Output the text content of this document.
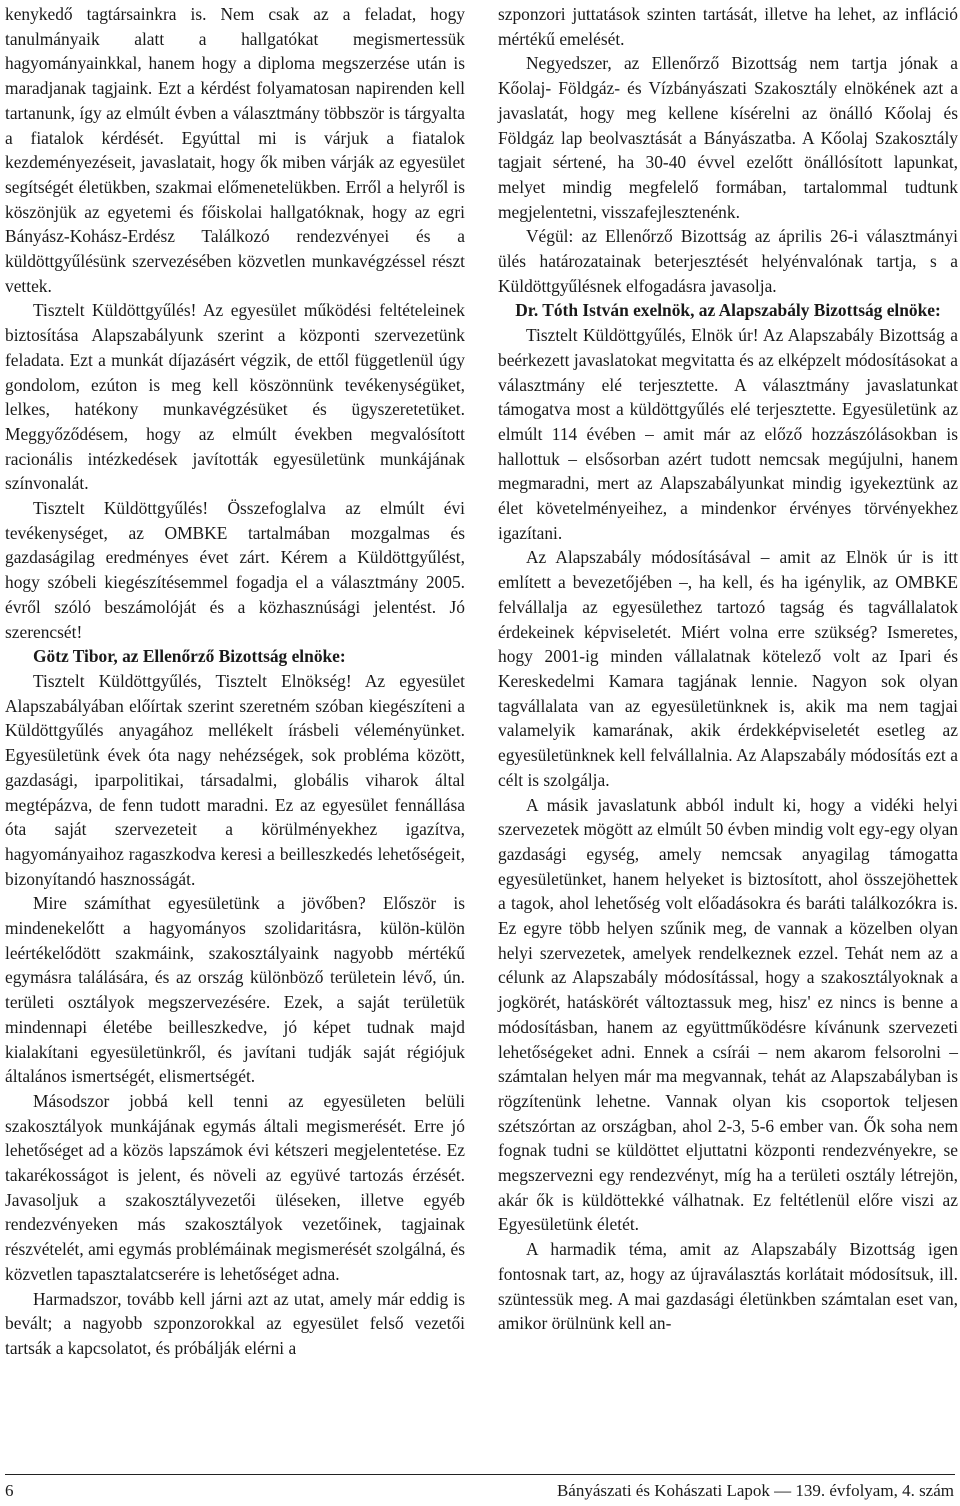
kenykedő tagtársainkra is. Nem csak az a feladat, hogy tanulmányaik alatt a hallgatókat megismertessük hagyományainkkal, hanem hogy a diploma megszerzése után is maradjanak tagjaink. Ezt a kérdést folyamatosan napirenden kell tartanunk, így az elmúlt évben a választmány többször is tárgyalta a fiatalok kérdését. Egyúttal mi is várjuk a fiatalok kezdeményezéseit, javaslatait, hogy ők miben várják az egyesület segítségét életükben, szakmai előmenetelükben. Erről a helyről is köszönjük az egyetemi és főiskolai hallgatóknak, hogy az egri Bányász-Kohász-Erdész Találkozó rendezvényei és a küldöttgyűlésünk szervezésében közvetlen munkavégzéssel részt vettek.

Tisztelt Küldöttgyűlés! Az egyesület működési feltételeinek biztosítása Alapszabályunk szerint a központi szervezetünk feladata. Ezt a munkát díjazásért végzik, de ettől függetlenül úgy gondolom, ezúton is meg kell köszönnünk tevékenységüket, lelkes, hatékony munkavégzésüket és ügyszeretetüket. Meggyőződésem, hogy az elmúlt években megvalósított racionális intézkedések javították egyesületünk munkájának színvonalát.

Tisztelt Küldöttgyűlés! Összefoglalva az elmúlt évi tevékenységet, az OMBKE tartalmában mozgalmas és gazdaságilag eredményes évet zárt. Kérem a Küldöttgyűlést, hogy szóbeli kiegészítésemmel fogadja el a választmány 2005. évről szóló beszámolóját és a közhasznúsági jelentést. Jó szerencsét!

Götz Tibor, az Ellenőrző Bizottság elnöke:

Tisztelt Küldöttgyűlés, Tisztelt Elnökség! Az egyesület Alapszabályában előírtak szerint szeretném szóban kiegészíteni a Küldöttgyűlés anyagához mellékelt írásbeli véleményünket. Egyesületünk évek óta nagy nehézségek, sok probléma között, gazdasági, iparpolitikai, társadalmi, globális viharok által megtépázva, de fenn tudott maradni. Ez az egyesület fennállása óta saját szervezeteit a körülményekhez igazítva, hagyományaihoz ragaszkodva keresi a beilleszkedés lehetőségeit, bizonyítandó hasznosságát.

Mire számíthat egyesületünk a jövőben? Először is mindenekelőtt a hagyományos szolidaritásra, külön-külön leértékelődött szakmáink, szakosztályaink nagyobb mértékű egymásra találására, és az ország különböző területein lévő, ún. területi osztályok megszervezésére. Ezek, a saját területük mindennapi életébe beilleszkedve, jó képet tudnak majd kialakítani egyesületünkről, és javítani tudják saját régiójuk általános ismertségét, elismertségét.

Másodszor jobbá kell tenni az egyesületen belüli szakosztályok munkájának egymás általi megismerését. Erre jó lehetőséget ad a közös lapszámok évi kétszeri megjelentetése. Ez takarékosságot is jelent, és növeli az együvé tartozás érzését. Javasoljuk a szakosztályvezetői üléseken, illetve egyéb rendezvényeken más szakosztályok vezetőinek, tagjainak részvételét, ami egymás problémáinak megismerését szolgálná, és közvetlen tapasztalatcserére is lehetőséget adna.

Harmadszor, tovább kell járni azt az utat, amely már eddig is bevált; a nagyobb szponzorokkal az egyesület felső vezetői tartsák a kapcsolatot, és próbálják elérni a

szponzori juttatások szinten tartását, illetve ha lehet, az infláció mértékű emelését.

Negyedszer, az Ellenőrző Bizottság nem tartja jónak a Kőolaj- Földgáz- és Vízbányászati Szakosztály elnökének azt a javaslatát, hogy meg kellene kísérelni az önálló Kőolaj és Földgáz lap beolvasztását a Bányászatba. A Kőolaj Szakosztály tagjait sértené, ha 30-40 évvel ezelőtt önállósított lapunkat, melyet mindig megfelelő formában, tartalommal tudtunk megjelentetni, visszafejlesztenénk.

Végül: az Ellenőrző Bizottság az április 26-i választmányi ülés határozatainak beterjesztését helyénvalónak tartja, s a Küldöttgyűlésnek elfogadásra javasolja.

Dr. Tóth István exelnök, az Alapszabály Bizottság elnöke:

Tisztelt Küldöttgyűlés, Elnök úr! Az Alapszabály Bizottság a beérkezett javaslatokat megvitatta és az elképzelt módosításokat a választmány elé terjesztette. A választmány javaslatunkat támogatva most a küldöttgyűlés elé terjesztette. Egyesületünk az elmúlt 114 évében – amit már az előző hozzászólásokban is hallottuk – elsősorban azért tudott nemcsak megújulni, hanem megmaradni, mert az Alapszabályunkat mindig igyekeztünk az élet követelményeihez, a mindenkor érvényes törvényekhez igazítani.

Az Alapszabály módosításával – amit az Elnök úr is itt említett a bevezetőjében –, ha kell, és ha igénylik, az OMBKE felvállalja az egyesülethez tartozó tagság és tagvállalatok érdekeinek képviseletét. Miért volna erre szükség? Ismeretes, hogy 2001-ig minden vállalatnak kötelező volt az Ipari és Kereskedelmi Kamara tagjának lennie. Nagyon sok olyan tagvállalata van az egyesületünknek is, akik ma nem tagjai valamelyik kamarának, akik érdekképviseletét esetleg az egyesületünknek kell felvállalnia. Az Alapszabály módosítás ezt a célt is szolgálja.

A másik javaslatunk abból indult ki, hogy a vidéki helyi szervezetek mögött az elmúlt 50 évben mindig volt egy-egy olyan gazdasági egység, amely nemcsak anyagilag támogatta egyesületünket, hanem helyeket is biztosított, ahol összejöhettek a tagok, ahol lehetőség volt előadásokra és baráti találkozókra is. Ez egyre több helyen szűnik meg, de vannak a közelben olyan helyi szervezetek, amelyek rendelkeznek ezzel. Tehát nem az a célunk az Alapszabály módosítással, hogy a szakosztályoknak a jogkörét, hatáskörét változtassuk meg, hisz' ez nincs is benne a módosításban, hanem az együttműködésre kívánunk szervezeti lehetőségeket adni. Ennek a csírái – nem akarom felsorolni – számtalan helyen már ma megvannak, tehát az Alapszabályban is rögzítenünk lehetne. Vannak olyan kis csoportok teljesen szétszórtan az országban, ahol 2-3, 5-6 ember van. Ők soha nem fognak tudni se küldöttet eljuttatni központi rendezvényekre, se megszervezni egy rendezvényt, míg ha a területi osztály létrejön, akár ők is küldöttekké válhatnak. Ez feltétlenül előre viszi az Egyesületünk életét.

A harmadik téma, amit az Alapszabály Bizottság igen fontosnak tart, az, hogy az újraválasztás korlátait módosítsuk, ill. szüntessük meg. A mai gazdasági életünkben számtalan eset van, amikor örülnünk kell an-

6	Bányászati és Kohászati Lapok — 139. évfolyam, 4. szám
